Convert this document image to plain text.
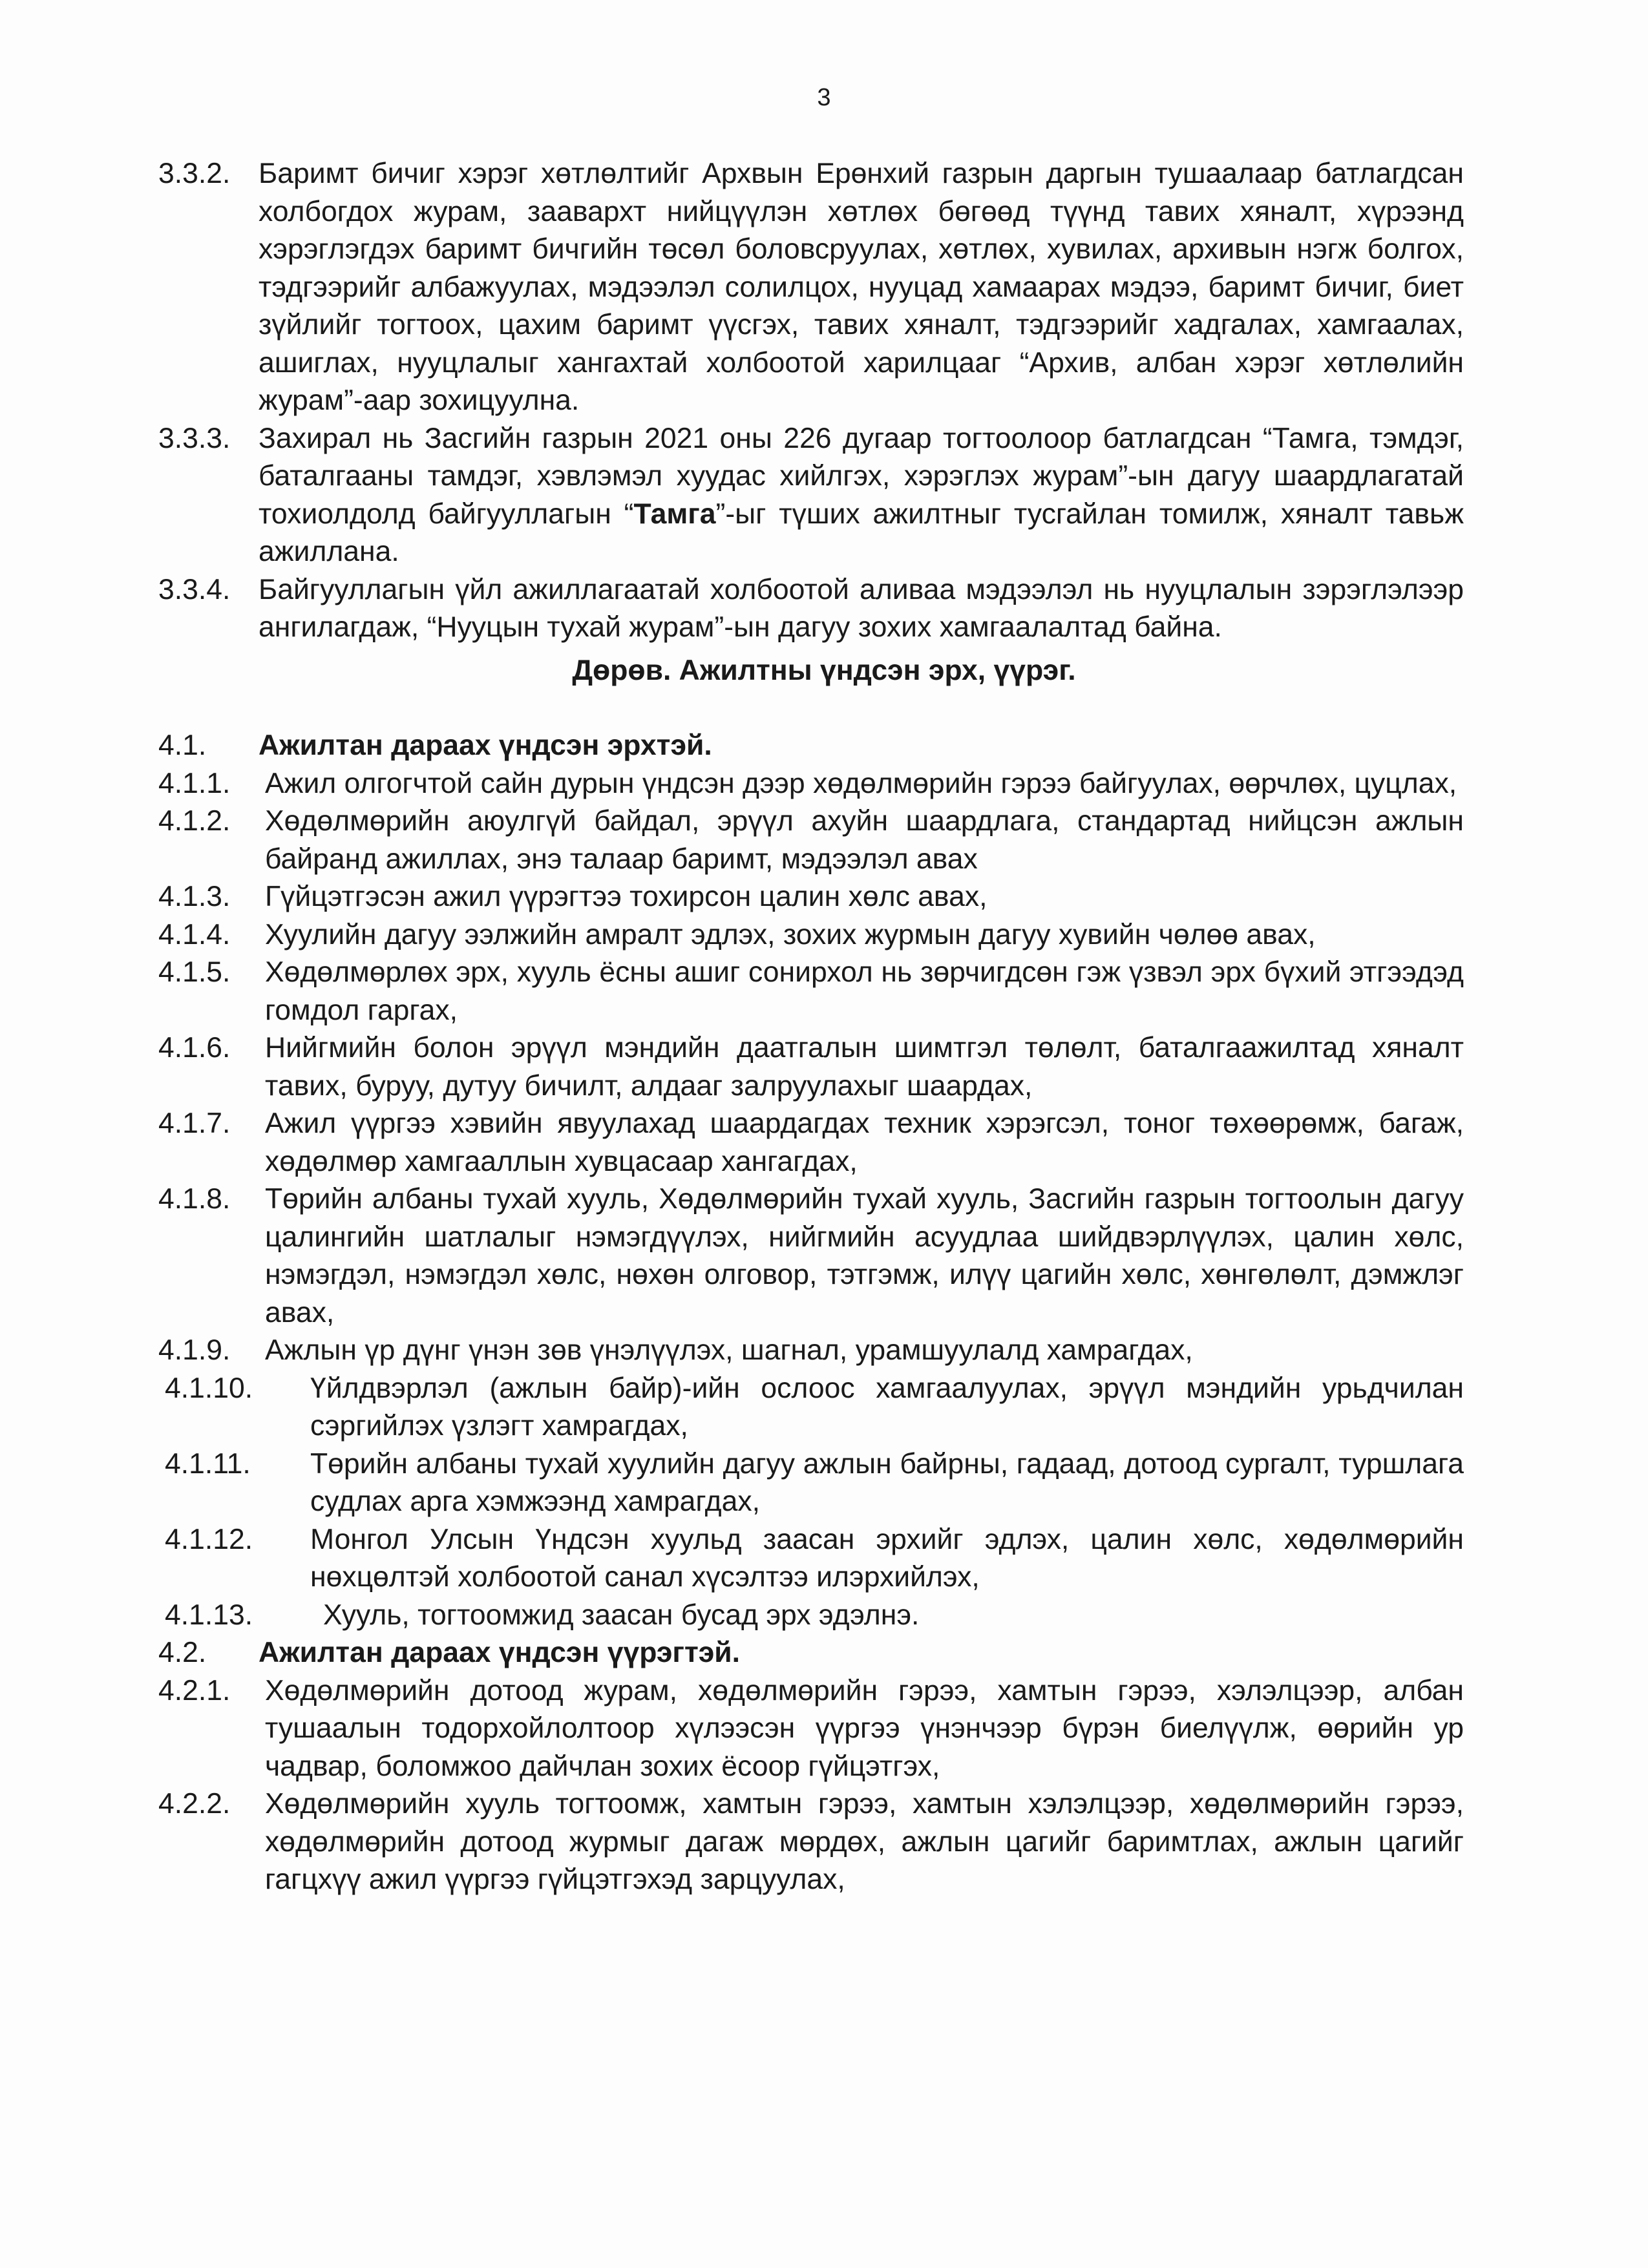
3
3.3.2. Баримт бичиг хэрэг хөтлөлтийг Архвын Ерөнхий газрын даргын тушаалаар батлагдсан холбогдох журам, заавархт нийцүүлэн хөтлөх бөгөөд түүнд тавих хяналт, хүрээнд хэрэглэгдэх баримт бичгийн төсөл боловсруулах, хөтлөх, хувилах, архивын нэгж болгох, тэдгээрийг албажуулах, мэдээлэл солилцох, нууцад хамаарах мэдээ, баримт бичиг, биет зүйлийг тогтоох, цахим баримт үүсгэх, тавих хяналт, тэдгээрийг хадгалах, хамгаалах, ашиглах, нууцлалыг хангахтай холбоотой харилцааг “Архив, албан хэрэг хөтлөлийн журам”-аар зохицуулна.
3.3.3. Захирал нь Засгийн газрын 2021 оны 226 дугаар тогтоолоор батлагдсан “Тамга, тэмдэг, баталгааны тамдэг, хэвлэмэл хуудас хийлгэх, хэрэглэх журам”-ын дагуу шаардлагатай тохиолдолд байгууллагын “Тамга”-ыг түших ажилтныг тусгайлан томилж, хяналт тавьж ажиллана.
3.3.4. Байгууллагын үйл ажиллагаатай холбоотой аливаа мэдээлэл нь нууцлалын зэрэглэлээр ангилагдаж, “Нууцын тухай журам”-ын дагуу зохих хамгаалалтад байна.
Дөрөв. Ажилтны үндсэн эрх, үүрэг.
4.1.	Ажилтан дараах үндсэн эрхтэй.
4.1.1.	Ажил олгогчтой сайн дурын үндсэн дээр хөдөлмөрийн гэрээ байгуулах, өөрчлөх, цуцлах,
4.1.2.	Хөдөлмөрийн аюулгүй байдал, эрүүл ахуйн шаардлага, стандартад нийцсэн ажлын байранд ажиллах, энэ талаар баримт, мэдээлэл авах
4.1.3.	Гүйцэтгэсэн ажил үүрэгтээ тохирсон цалин хөлс авах,
4.1.4.	Хуулийн дагуу ээлжийн амралт эдлэх, зохих журмын дагуу хувийн чөлөө авах,
4.1.5.	Хөдөлмөрлөх эрх, хууль ёсны ашиг сонирхол нь зөрчигдсөн гэж үзвэл эрх бүхий этгээдэд гомдол гаргах,
4.1.6.	Нийгмийн болон эрүүл мэндийн даатгалын шимтгэл төлөлт, баталгаажилтад хяналт тавих, буруу, дутуу бичилт, алдааг залруулахыг шаардах,
4.1.7.	Ажил үүргээ хэвийн явуулахад шаардагдах техник хэрэгсэл, тоног төхөөрөмж, багаж, хөдөлмөр хамгааллын хувцасаар хангагдах,
4.1.8.	Төрийн албаны тухай хууль, Хөдөлмөрийн тухай хууль, Засгийн газрын тогтоолын дагуу цалингийн шатлалыг нэмэгдүүлэх, нийгмийн асуудлаа шийдвэрлүүлэх, цалин хөлс, нэмэгдэл, нэмэгдэл хөлс, нөхөн олговор, тэтгэмж, илүү цагийн хөлс, хөнгөлөлт, дэмжлэг авах,
4.1.9.	Ажлын үр дүнг үнэн зөв үнэлүүлэх, шагнал, урамшуулалд хамрагдах,
4.1.10.	Үйлдвэрлэл (ажлын байр)-ийн ослоос хамгаалуулах, эрүүл мэндийн урьдчилан сэргийлэх үзлэгт хамрагдах,
4.1.11.	Төрийн албаны тухай хуулийн дагуу ажлын байрны, гадаад, дотоод сургалт, туршлага судлах арга хэмжээнд хамрагдах,
4.1.12.	Монгол Улсын Үндсэн хуульд заасан эрхийг эдлэх, цалин хөлс, хөдөлмөрийн нөхцөлтэй холбоотой санал хүсэлтээ илэрхийлэх,
4.1.13.	Хууль, тогтоомжид заасан бусад эрх эдэлнэ.
4.2.	Ажилтан дараах үндсэн үүрэгтэй.
4.2.1.	Хөдөлмөрийн дотоод журам, хөдөлмөрийн гэрээ, хамтын гэрээ, хэлэлцээр, албан тушаалын тодорхойлолтоор хүлээсэн үүргээ үнэнчээр бүрэн биелүүлж, өөрийн ур чадвар, боломжоо дайчлан зохих ёсоор гүйцэтгэх,
4.2.2.	Хөдөлмөрийн хууль тогтоомж, хамтын гэрээ, хамтын хэлэлцээр, хөдөлмөрийн гэрээ, хөдөлмөрийн дотоод журмыг дагаж мөрдөх, ажлын цагийг баримтлах, ажлын цагийг гагцхүү ажил үүргээ гүйцэтгэхэд зарцуулах,
